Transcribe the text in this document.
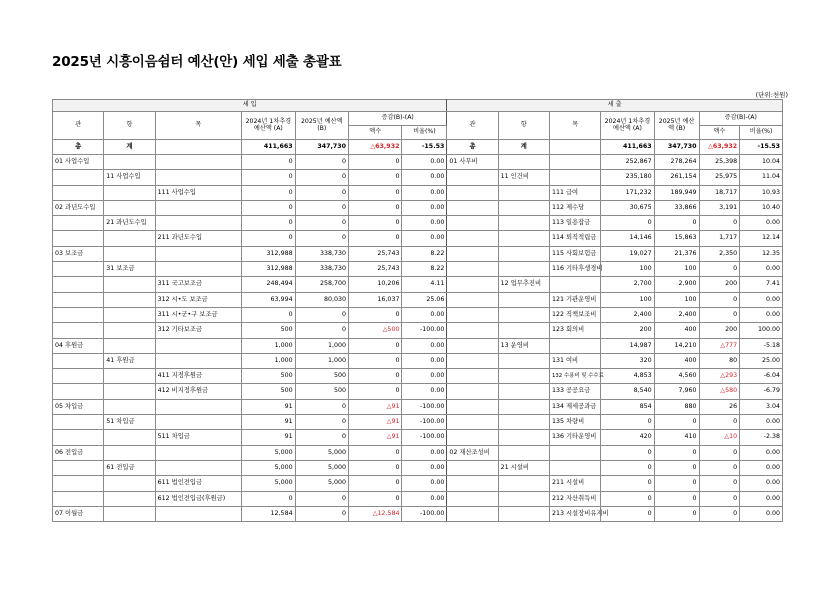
2025년 시흥이음쉼터 예산(안) 세입 세출 총괄표
(단위:천원)
세 입							세 출						
관	항	목	2024년 1차추경예산액 (A)	2025년 예산액 (B)	증감(B)-(A)		관	항	목	2024년 1차추경예산액 (A)	2025년 예산액 (B)	증감(B)-(A)	
					액수	비율(%)						액수	비율(%)
총	계		411,663	347,730	△63,932	-15.53	총	계		411,663	347,730	△63,932	-15.53
01 사업수입			0	0	0	0.00	01 사무비			252,867	278,264	25,398	10.04
	11 사업수입		0	0	0	0.00		11 인건비		235,180	261,154	25,975	11.04
		111 사업수입	0	0	0	0.00			111 급여	171,232	189,949	18,717	10.93
02 과년도수입			0	0	0	0.00			112 제수당	30,675	33,866	3,191	10.40
	21 과년도수입		0	0	0	0.00			113 일용잡금	0	0	0	0.00
		211 과년도수입	0	0	0	0.00			114 퇴직적립금	14,146	15,863	1,717	12.14
03 보조금			312,988	338,730	25,743	8.22			115 사회보험금	19,027	21,376	2,350	12.35
	31 보조금		312,988	338,730	25,743	8.22			116 기타후생경비	100	100	0	0.00
		311 국고보조금	248,494	258,700	10,206	4.11		12 업무추진비		2,700	2,900	200	7.41
		312 시•도 보조금	63,994	80,030	16,037	25.06			121 기관운영비	100	100	0	0.00
		311 시•군•구 보조금	0	0	0	0.00			122 직책보조비	2,400	2,400	0	0.00
		312 기타보조금	500	0	△500	-100.00			123 회의비	200	400	200	100.00
04 후원금			1,000	1,000	0	0.00		13 운영비		14,987	14,210	△777	-5.18
	41 후원금		1,000	1,000	0	0.00			131 여비	320	400	80	25.00
		411 지정후원금	500	500	0	0.00			132 수용비 및 수수료	4,853	4,560	△293	-6.04
		412 비지정후원금	500	500	0	0.00			133 공공요금	8,540	7,960	△580	-6.79
05 차입금			91	0	△91	-100.00			134 제세공과금	854	880	26	3.04
	51 차입금		91	0	△91	-100.00			135 차량비	0	0	0	0.00
		511 차입금	91	0	△91	-100.00			136 기타운영비	420	410	△10	-2.38
06 전입금			5,000	5,000	0	0.00	02 재산조성비			0	0	0	0.00
	61 전입금		5,000	5,000	0	0.00		21 시설비		0	0	0	0.00
		611 법인전입금	5,000	5,000	0	0.00			211 시설비	0	0	0	0.00
		612 법인전입금(후원금)	0	0	0	0.00			212 자산취득비	0	0	0	0.00
07 이월금			12,584	0	△12,584	-100.00			213 시설장비유지비	0	0	0	0.00
